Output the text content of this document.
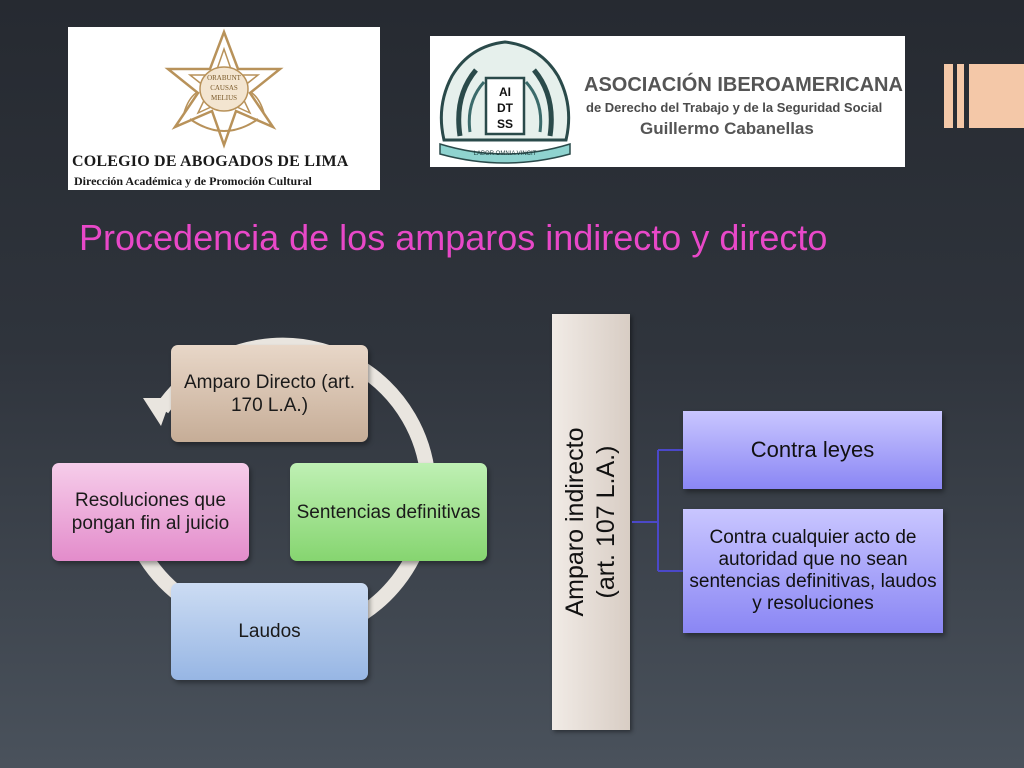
ORABUNT
CAUSAS
MELIUS
COLEGIO DE ABOGADOS DE LIMA
Dirección Académica y de Promoción Cultural
AI
DT
SS
LABOR OMNIA VINCIT
ASOCIACIÓN IBEROAMERICANA
de Derecho del Trabajo y de la Seguridad Social
Guillermo Cabanellas
Procedencia de los amparos indirecto y directo
Amparo Directo (art. 170 L.A.)
Sentencias definitivas
Laudos
Resoluciones que pongan fin al juicio	Amparo indirecto (art. 107 L.A.)	Contra leyes
Contra cualquier acto de autoridad que no sean sentencias definitivas, laudos y resoluciones
